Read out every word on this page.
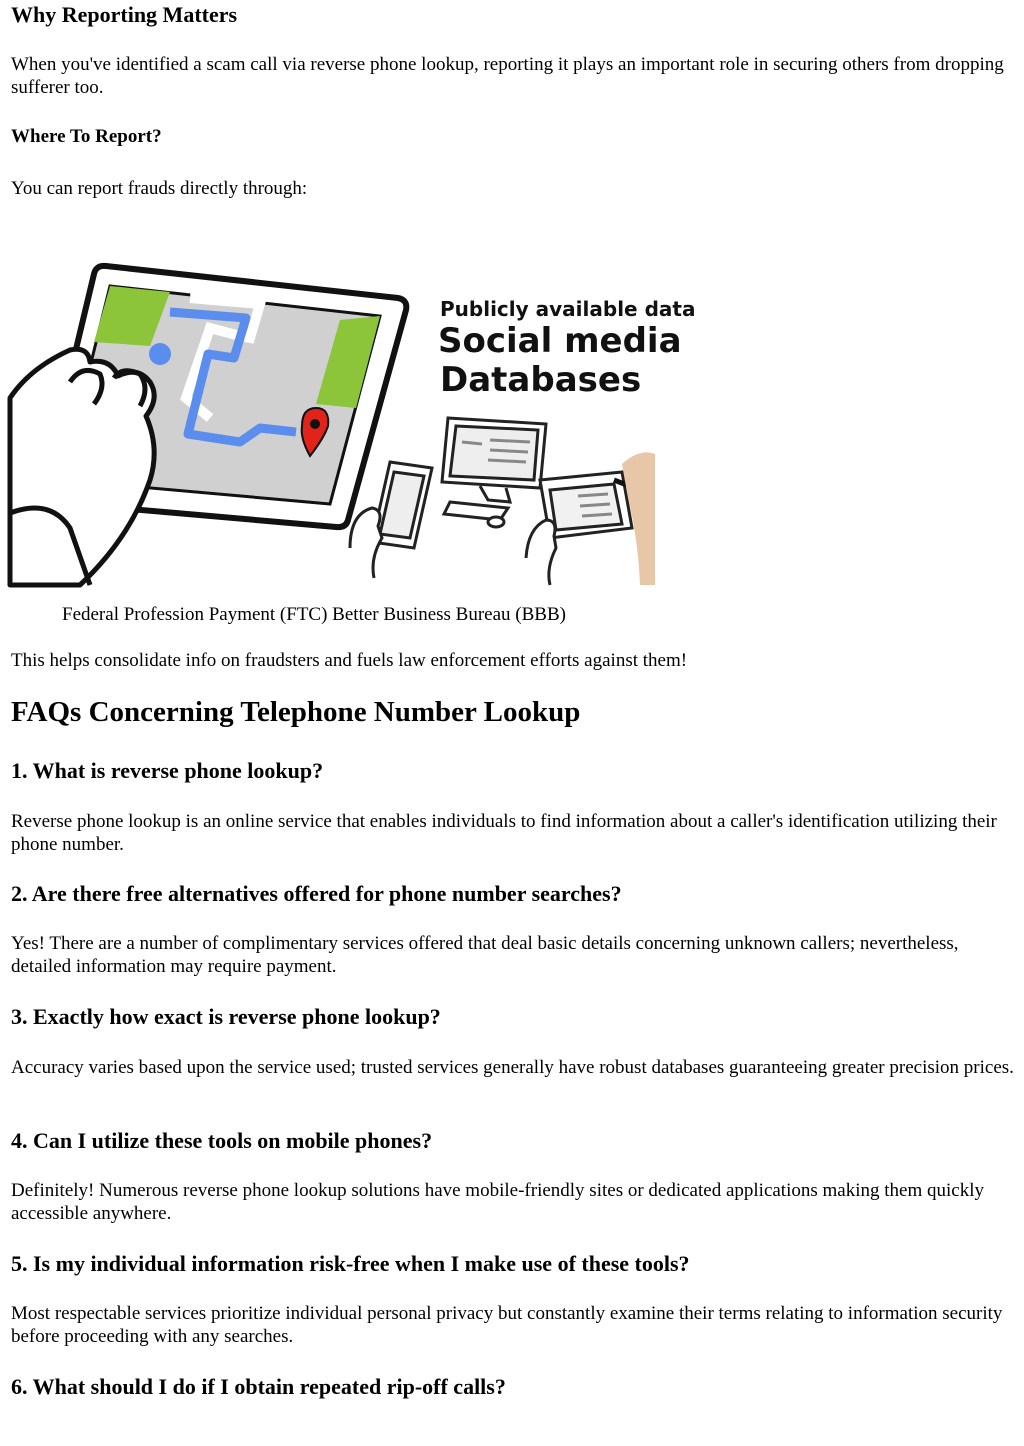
Why Reporting Matters

When you've identified a scam call via reverse phone lookup, reporting it plays an important role in securing others from dropping sufferer too.

Where To Report?

You can report frauds directly through:

Publicly available data
Social media
Databases
Federal Profession Payment (FTC) Better Business Bureau (BBB)

This helps consolidate info on fraudsters and fuels law enforcement efforts against them!

FAQs Concerning Telephone Number Lookup
1. What is reverse phone lookup?

Reverse phone lookup is an online service that enables individuals to find information about a caller's identification utilizing their phone number.

2. Are there free alternatives offered for phone number searches?

Yes! There are a number of complimentary services offered that deal basic details concerning unknown callers; nevertheless, detailed information may require payment.

3. Exactly how exact is reverse phone lookup?

Accuracy varies based upon the service used; trusted services generally have robust databases guaranteeing greater precision prices.

4. Can I utilize these tools on mobile phones?

Definitely! Numerous reverse phone lookup solutions have mobile-friendly sites or dedicated applications making them quickly accessible anywhere.

5. Is my individual information risk-free when I make use of these tools?

Most respectable services prioritize individual personal privacy but constantly examine their terms relating to information security before proceeding with any searches.

6. What should I do if I obtain repeated rip-off calls?
